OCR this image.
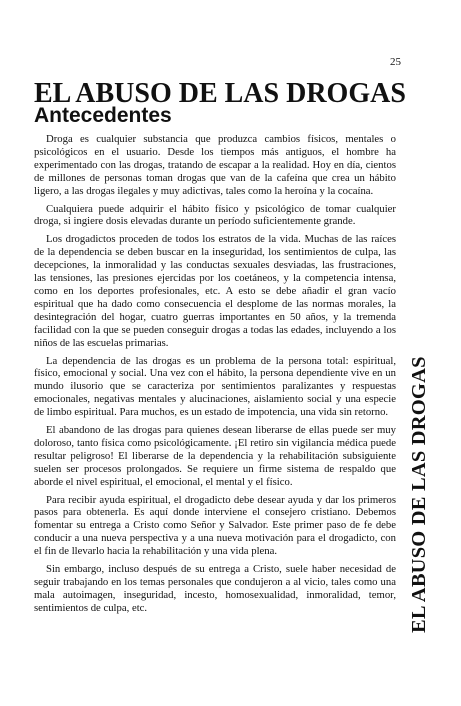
25
EL ABUSO DE LAS DROGAS
Antecedentes

Droga es cualquier substancia que produzca cambios físicos, mentales o psicológicos en el usuario. Desde los tiempos más antiguos, el hombre ha experimentado con las drogas, tratando de escapar a la realidad. Hoy en día, cientos de millones de personas toman drogas que van de la cafeína que crea un hábito ligero, a las drogas ilegales y muy adictivas, tales como la heroína y la cocaína.

Cualquiera puede adquirir el hábito físico y psicológico de tomar cualquier droga, si ingiere dosis elevadas durante un período suficientemente grande.

Los drogadictos proceden de todos los estratos de la vida. Muchas de las raíces de la dependencia se deben buscar en la inseguridad, los sentimientos de culpa, las decepciones, la inmoralidad y las conductas sexuales desviadas, las frustraciones, las tensiones, las presiones ejercidas por los coetáneos, y la competencia intensa, como en los deportes profesionales, etc. A esto se debe añadir el gran vacío espiritual que ha dado como consecuencia el desplome de las normas morales, la desintegración del hogar, cuatro guerras importantes en 50 años, y la tremenda facilidad con la que se pueden conseguir drogas a todas las edades, incluyendo a los niños de las escuelas primarias.

La dependencia de las drogas es un problema de la persona total: espiritual, físico, emocional y social. Una vez con el hábito, la persona dependiente vive en un mundo ilusorio que se caracteriza por sentimientos paralizantes y respuestas emocionales, negativas mentales y alucinaciones, aislamiento social y una especie de limbo espiritual. Para muchos, es un estado de impotencia, una vida sin retorno.

El abandono de las drogas para quienes desean liberarse de ellas puede ser muy doloroso, tanto física como psicológicamente. ¡El retiro sin vigilancia médica puede resultar peligroso! El liberarse de la dependencia y la rehabilitación subsiguiente suelen ser procesos prolongados. Se requiere un firme sistema de respaldo que aborde el nivel espiritual, el emocional, el mental y el físico.

Para recibir ayuda espiritual, el drogadicto debe desear ayuda y dar los primeros pasos para obtenerla. Es aquí donde interviene el consejero cristiano. Debemos fomentar su entrega a Cristo como Señor y Salvador. Este primer paso de fe debe conducir a una nueva perspectiva y a una nueva motivación para el drogadicto, con el fin de llevarlo hacia la rehabilitación y una vida plena.

Sin embargo, incluso después de su entrega a Cristo, suele haber necesidad de seguir trabajando en los temas personales que condujeron a al vicio, tales como una mala autoimagen, inseguridad, incesto, homosexualidad, inmoralidad, temor, sentimientos de culpa, etc.	EL ABUSO DE LAS DROGAS
